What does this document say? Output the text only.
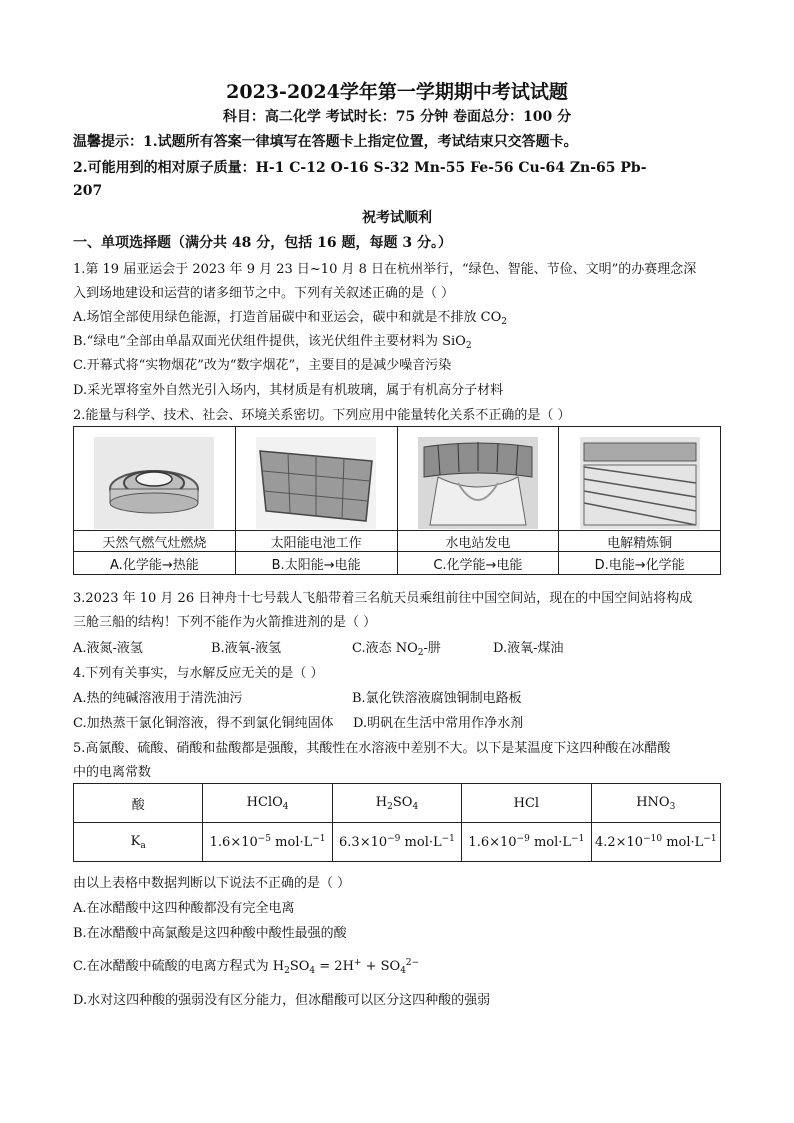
2023-2024学年第一学期期中考试试题
科目：高二化学 考试时长：75 分钟 卷面总分：100 分
温馨提示：1.试题所有答案一律填写在答题卡上指定位置，考试结束只交答题卡。
2.可能用到的相对原子质量：H-1 C-12 O-16 S-32 Mn-55 Fe-56 Cu-64 Zn-65 Pb-
207
祝考试顺利
一、单项选择题（满分共 48 分，包括 16 题，每题 3 分。）
1.第 19 届亚运会于 2023 年 9 月 23 日~10 月 8 日在杭州举行，“绿色、智能、节俭、文明”的办赛理念深
入到场地建设和运营的诸多细节之中。下列有关叙述正确的是（ ）
A.场馆全部使用绿色能源，打造首届碳中和亚运会，碳中和就是不排放 $CO_2$
B.“绿电”全部由单晶双面光伏组件提供，该光伏组件主要材料为 SiO$_2$
C.开幕式将“实物烟花”改为“数字烟花”，主要目的是减少噪音污染
D.采光罩将室外自然光引入场内，其材质是有机玻璃，属于有机高分子材料
2.能量与科学、技术、社会、环境关系密切。下列应用中能量转化关系不正确的是（ ）

天然气燃气灶燃烧	太阳能电池工作	水电站发电	电解精炼铜
A.化学能→热能	B.太阳能→电能	C.化学能→电能	D.电能→化学能
3.2023 年 10 月 26 日神舟十七号载人飞船带着三名航天员乘组前往中国空间站，现在的中国空间站将构成
三舱三船的结构！下列不能作为火箭推进剂的是（ ）
A.液氮-液氢	B.液氧-液氢	C.液态 $NO_2-$肼	D.液氧-煤油
4.下列有关事实，与水解反应无关的是（ ）
A.热的纯碱溶液用于清洗油污	B.氯化铁溶液腐蚀铜制电路板
C.加热蒸干氯化铜溶液，得不到氯化铜纯固体 D.明矾在生活中常用作净水剂
5.高氯酸、硫酸、硝酸和盐酸都是强酸，其酸性在水溶液中差别不大。以下是某温度下这四种酸在冰醋酸
中的电离常数
酸	HClO$_4$	$H_2SO_4$	HCl	$HNO_3$
$K_a$	$1.6\times 10^{-5}$ $mol\cdot L^{-1}$	$6.3\times 10^{-9}$ $mol\cdot L^{-1}$	$1.6\times 10^{-9}$ $mol\cdot L^{-1}$	$4.2\times 10^{-10}$ $mol\cdot L^{-1}$
由以上表格中数据判断以下说法不正确的是（ ）
A.在冰醋酸中这四种酸都没有完全电离
B.在冰醋酸中高氯酸是这四种酸中酸性最强的酸
C.在冰醋酸中硫酸的电离方程式为 $H_2SO_4 = 2H^+ + SO_4^{2-}$
D.水对这四种酸的强弱没有区分能力，但冰醋酸可以区分这四种酸的强弱
